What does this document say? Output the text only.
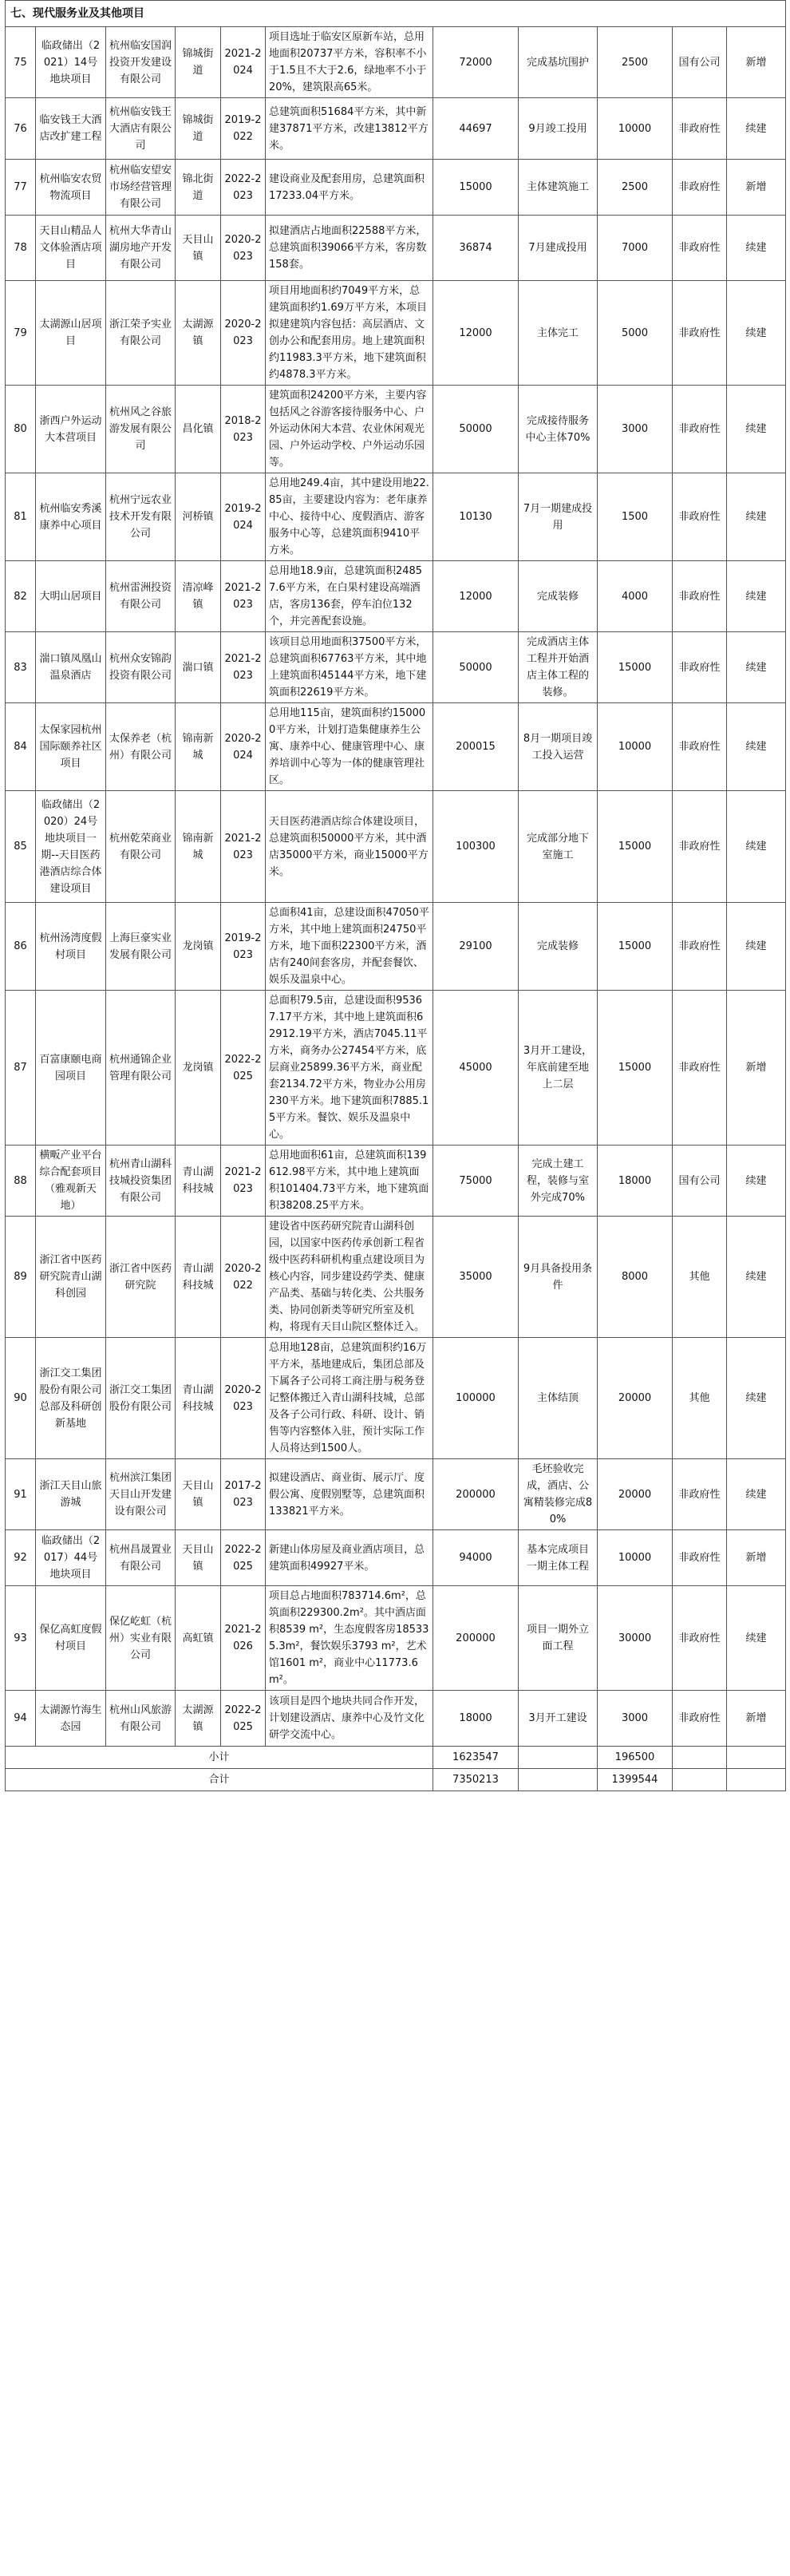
七、现代服务业及其他项目										
75	临政储出（2021）14号地块项目	杭州临安国润投资开发建设有限公司	锦城街道	2021-2024	项目选址于临安区原新车站，总用地面积20737平方米，容积率不小于1.5且不大于2.6，绿地率不小于20%，建筑限高65米。	72000	完成基坑围护	2500	国有公司	新增
76	临安钱王大酒店改扩建工程	杭州临安钱王大酒店有限公司	锦城街道	2019-2022	总建筑面积51684平方米，其中新建37871平方米，改建13812平方米。	44697	9月竣工投用	10000	非政府性	续建
77	杭州临安农贸物流项目	杭州临安望安市场经营管理有限公司	锦北街道	2022-2023	建设商业及配套用房，总建筑面积17233.04平方米。	15000	主体建筑施工	2500	非政府性	新增
78	天目山精品人文体验酒店项目	杭州大华青山湖房地产开发有限公司	天目山镇	2020-2023	拟建酒店占地面积22588平方米，总建筑面积39066平方米，客房数158套。	36874	7月建成投用	7000	非政府性	续建
79	太湖源山居项目	浙江荣予实业有限公司	太湖源镇	2020-2023	项目用地面积约7049平方米，总建筑面积约1.69万平方米，本项目拟建建筑内容包括：高层酒店、文创办公和配套用房。地上建筑面积约11983.3平方米，地下建筑面积约4878.3平方米。	12000	主体完工	5000	非政府性	续建
80	浙西户外运动大本营项目	杭州风之谷旅游发展有限公司	昌化镇	2018-2023	建筑面积24200平方米，主要内容包括风之谷游客接待服务中心、户外运动休闲大本营、农业休闲观光园、户外运动学校、户外运动乐园等。	50000	完成接待服务中心主体70%	3000	非政府性	续建
81	杭州临安秀溪康养中心项目	杭州宁远农业技术开发有限公司	河桥镇	2019-2024	总用地249.4亩，其中建设用地22.85亩，主要建设内容为：老年康养中心、接待中心、度假酒店、游客服务中心等，总建筑面积9410平方米。	10130	7月一期建成投用	1500	非政府性	续建
82	大明山居项目	杭州雷洲投资有限公司	清凉峰镇	2021-2023	总用地18.9亩，总建筑面积24857.6平方米，在白果村建设高端酒店，客房136套，停车泊位132个，并完善配套设施。	12000	完成装修	4000	非政府性	续建
83	湍口镇凤凰山温泉酒店	杭州众安锦韵投资有限公司	湍口镇	2021-2023	该项目总用地面积37500平方米，总建筑面积67763平方米，其中地上建筑面积45144平方米，地下建筑面积22619平方米。	50000	完成酒店主体工程并开始酒店主体工程的装修。	15000	非政府性	续建
84	太保家园杭州国际颐养社区项目	太保养老（杭州）有限公司	锦南新城	2020-2024	总用地115亩，建筑面积约150000平方米，计划打造集健康养生公寓、康养中心、健康管理中心、康养培训中心等为一体的健康管理社区。	200015	8月一期项目竣工投入运营	10000	非政府性	续建
85	临政储出（2020）24号地块项目一期--天目医药港酒店综合体建设项目	杭州乾荣商业有限公司	锦南新城	2021-2023	天目医药港酒店综合体建设项目，总建筑面积50000平方米，其中酒店35000平方米，商业15000平方米。	100300	完成部分地下室施工	15000	非政府性	续建
86	杭州汤湾度假村项目	上海巨豪实业发展有限公司	龙岗镇	2019-2023	总面积41亩，总建设面积47050平方米，其中地上建筑面积24750平方米，地下面积22300平方米，酒店有240间套客房，并配套餐饮、娱乐及温泉中心。	29100	完成装修	15000	非政府性	续建
87	百富康颐电商园项目	杭州通锦企业管理有限公司	龙岗镇	2022-2025	总面积79.5亩，总建设面积95367.17平方米，其中地上建筑面积62912.19平方米，酒店7045.11平方米，商务办公27454平方米，底层商业25899.36平方米，商业配套2134.72平方米，物业办公用房230平方米。地下建筑面积7885.15平方米。餐饮、娱乐及温泉中心。	45000	3月开工建设，年底前建至地上二层	15000	非政府性	新增
88	横畈产业平台综合配套项目（雅观新天地）	杭州青山湖科技城投资集团有限公司	青山湖科技城	2021-2023	总用地面积61亩，总建筑面积139612.98平方米，其中地上建筑面积101404.73平方米，地下建筑面积38208.25平方米。	75000	完成土建工程，装修与室外完成70%	18000	国有公司	续建
89	浙江省中医药研究院青山湖科创园	浙江省中医药研究院	青山湖科技城	2020-2022	建设省中医药研究院青山湖科创园，以国家中医药传承创新工程省级中医药科研机构重点建设项目为核心内容，同步建设药学类、健康产品类、基础与转化类、公共服务类、协同创新类等研究所室及机构，将现有天目山院区整体迁入。	35000	9月具备投用条件	8000	其他	续建
90	浙江交工集团股份有限公司总部及科研创新基地	浙江交工集团股份有限公司	青山湖科技城	2020-2023	总用地128亩，总建筑面积约16万平方米，基地建成后，集团总部及下属各子公司将工商注册与税务登记整体搬迁入青山湖科技城，总部及各子公司行政、科研、设计、销售等内容整体入驻，预计实际工作人员将达到1500人。	100000	主体结顶	20000	其他	续建
91	浙江天目山旅游城	杭州滨江集团天目山开发建设有限公司	天目山镇	2017-2023	拟建设酒店、商业街、展示厅、度假公寓、度假别墅等，总建筑面积133821平方米。	200000	毛坯验收完成，酒店、公寓精装修完成80%	20000	非政府性	续建
92	临政储出（2017）44号地块项目	杭州昌晟置业有限公司	天目山镇	2022-2025	新建山体房屋及商业酒店项目，总建筑面积49927平米。	94000	基本完成项目一期主体工程	10000	非政府性	新增
93	保亿高虹度假村项目	保亿屹虹（杭州）实业有限公司	高虹镇	2021-2026	项目总占地面积783714.6m²，总筑面积229300.2m²。其中酒店面积8539 m²，生态度假客房185335.3m²，餐饮娱乐3793 m²，艺术馆1601 m²，商业中心11773.6 m²。	200000	项目一期外立面工程	30000	非政府性	续建
94	太湖源竹海生态园	杭州山风旅游有限公司	太湖源镇	2022-2025	该项目是四个地块共同合作开发，计划建设酒店、康养中心及竹文化研学交流中心。	18000	3月开工建设	3000	非政府性	新增
小计						1623547		196500		
合计						7350213		1399544		
